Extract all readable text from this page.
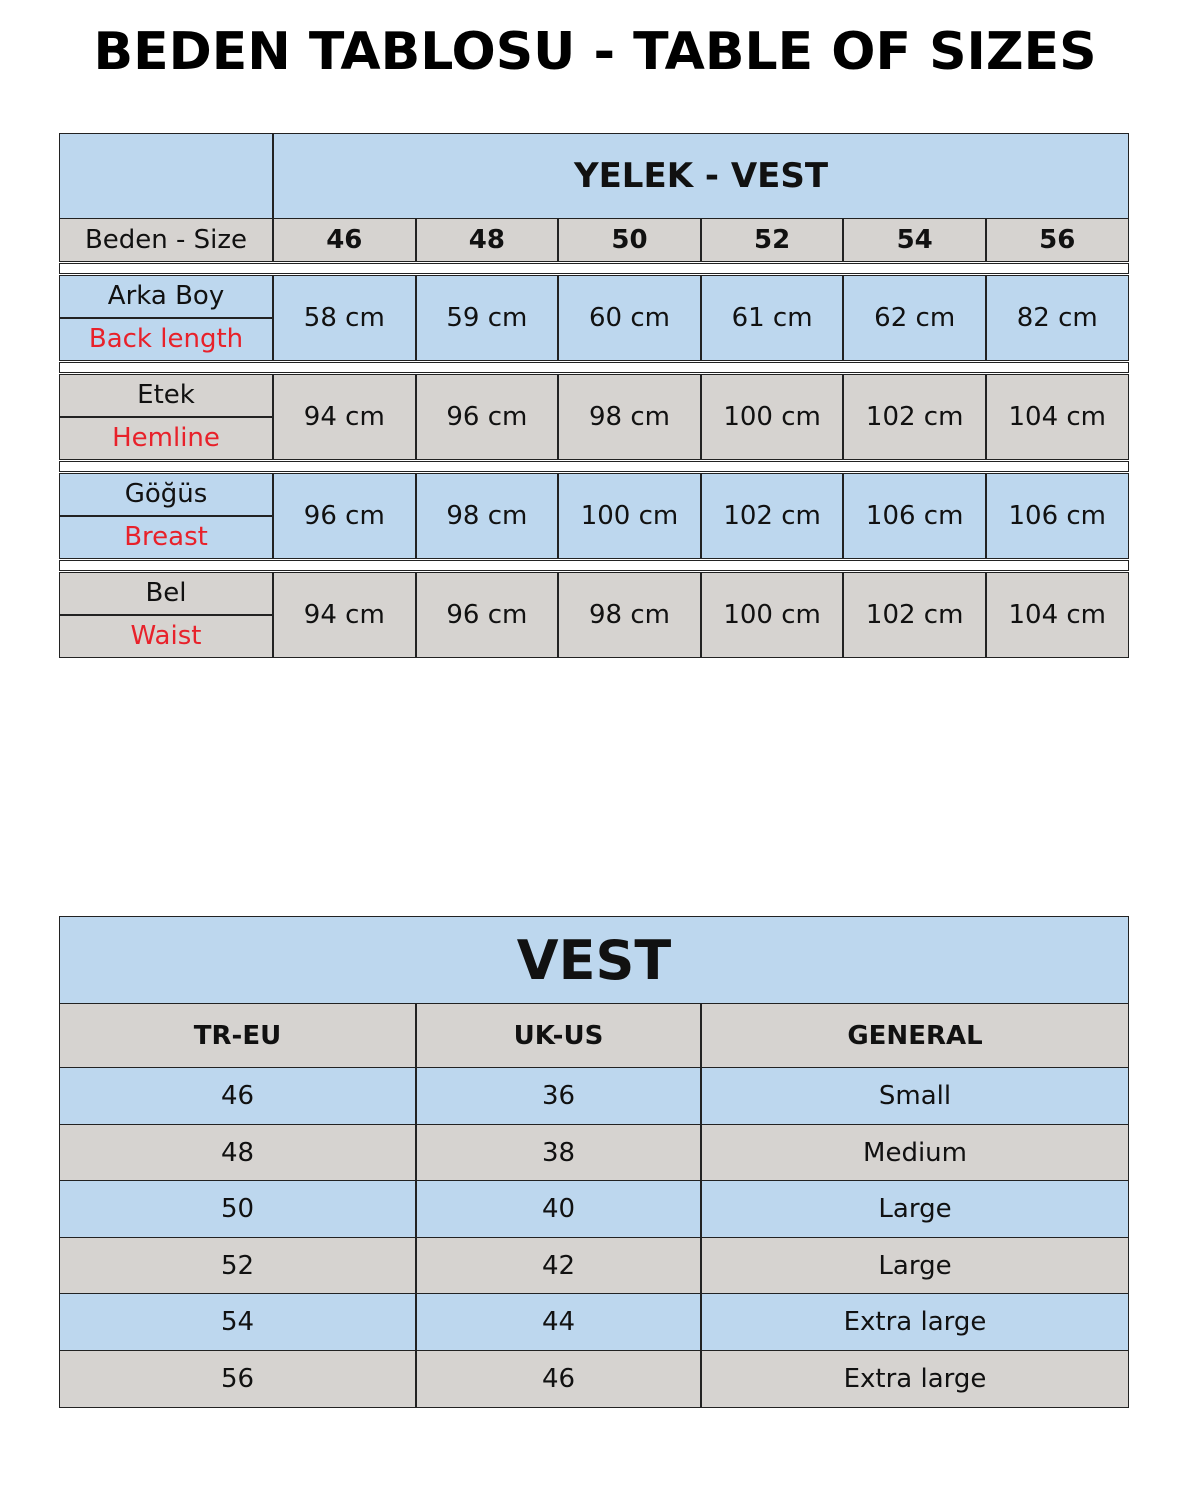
BEDEN TABLOSU - TABLE OF SIZES
YELEK - VEST
Beden - Size	46	48	50	52	54	56
Arka Boy
Back length
58 cm	59 cm	60 cm	61 cm	62 cm	82 cm
Etek
Hemline
94 cm	96 cm	98 cm	100 cm	102 cm	104 cm
Göğüs
Breast
96 cm	98 cm	100 cm	102 cm	106 cm	106 cm
Bel
Waist
94 cm	96 cm	98 cm	100 cm	102 cm	104 cm
VEST
TR-EU	UK-US	GENERAL
46	36	Small
48	38	Medium
50	40	Large
52	42	Large
54	44	Extra large
56	46	Extra large
